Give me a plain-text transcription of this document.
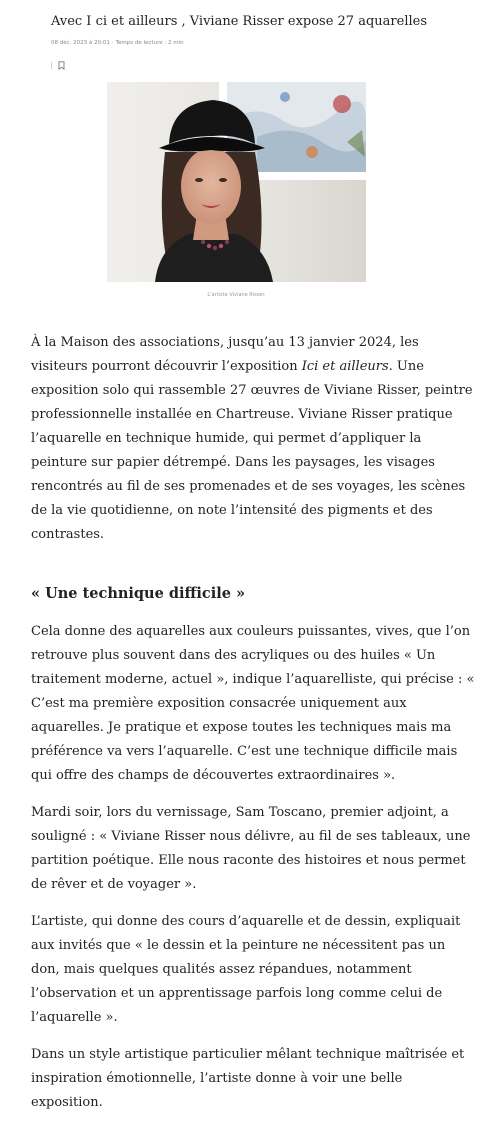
Avec I ci et ailleurs , Viviane Risser expose 27 aquarelles
08 déc. 2023 à 20:01 · Temps de lecture : 2 min
L'artiste Viviane Risser.

À la Maison des associations, jusqu’au 13 janvier 2024, les visiteurs pourront découvrir l’exposition Ici et ailleurs. Une exposition solo qui rassemble 27 œuvres de Viviane Risser, peintre professionnelle installée en Chartreuse. Viviane Risser pratique l’aquarelle en technique humide, qui permet d’appliquer la peinture sur papier détrempé. Dans les paysages, les visages rencontrés au fil de ses promenades et de ses voyages, les scènes de la vie quotidienne, on note l’intensité des pigments et des contrastes.

« Une technique difficile »

Cela donne des aquarelles aux couleurs puissantes, vives, que l’on retrouve plus souvent dans des acryliques ou des huiles « Un traitement moderne, actuel », indique l’aquarelliste, qui précise : « C’est ma première exposition consacrée uniquement aux aquarelles. Je pratique et expose toutes les techniques mais ma préférence va vers l’aquarelle. C’est une technique difficile mais qui offre des champs de découvertes extraordinaires ».

Mardi soir, lors du vernissage, Sam Toscano, premier adjoint, a souligné : « Viviane Risser nous délivre, au fil de ses tableaux, une partition poétique. Elle nous raconte des histoires et nous permet de rêver et de voyager ».

L’artiste, qui donne des cours d’aquarelle et de dessin, expliquait aux invités que « le dessin et la peinture ne nécessitent pas un don, mais quelques qualités assez répandues, notamment l’observation et un apprentissage parfois long comme celui de l’aquarelle ».

Dans un style artistique particulier mêlant technique maîtrisée et inspiration émotionnelle, l’artiste donne à voir une belle exposition.
